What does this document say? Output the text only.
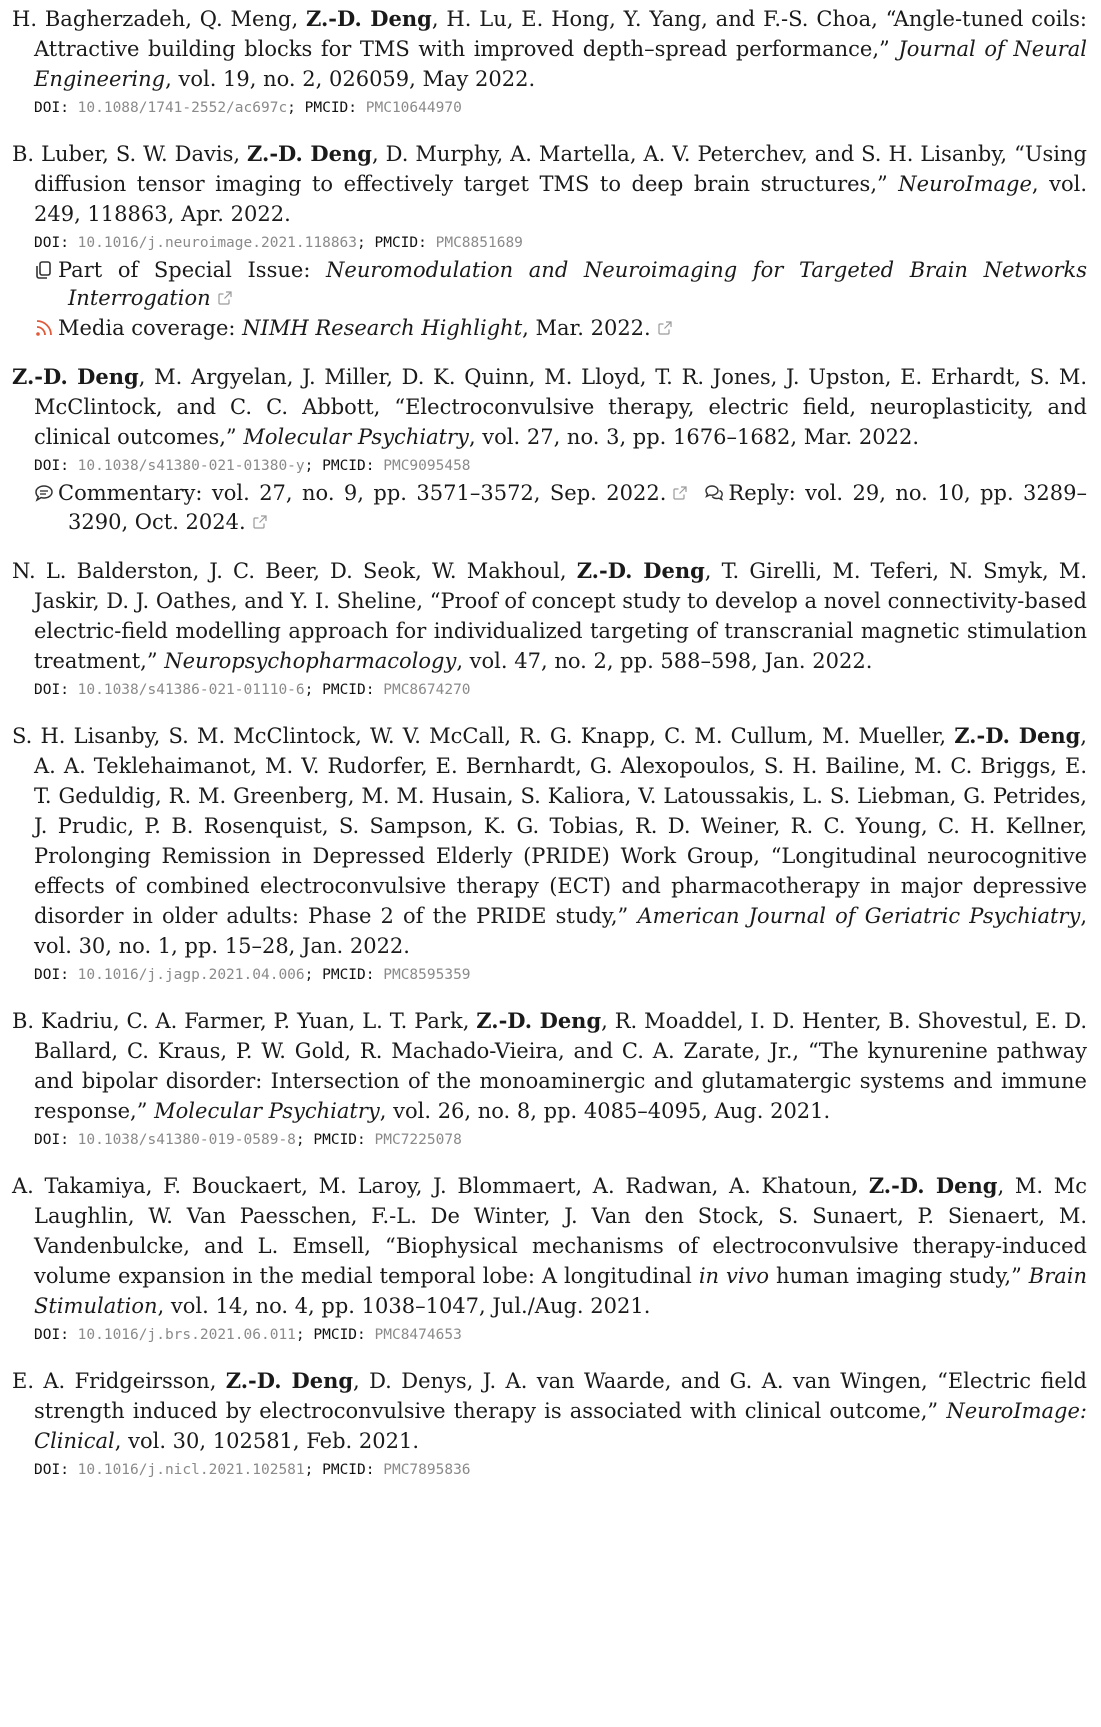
H. Bagherzadeh, Q. Meng, Z.-D. Deng, H. Lu, E. Hong, Y. Yang, and F.-S. Choa, “Angle-tuned coils: Attractive building blocks for TMS with improved depth–spread performance,” Journal of Neural Engineering, vol. 19, no. 2, 026059, May 2022.
DOI: 10.1088/1741-2552/ac697c; PMCID: PMC10644970
B. Luber, S. W. Davis, Z.-D. Deng, D. Murphy, A. Martella, A. V. Peterchev, and S. H. Lisanby, “Using diffusion tensor imaging to effectively target TMS to deep brain structures,” NeuroImage, vol. 249, 118863, Apr. 2022.
DOI: 10.1016/j.neuroimage.2021.118863; PMCID: PMC8851689
Part of Special Issue: Neuromodulation and Neuroimaging for Targeted Brain Networks Interrogation
Media coverage: NIMH Research Highlight, Mar. 2022.
Z.-D. Deng, M. Argyelan, J. Miller, D. K. Quinn, M. Lloyd, T. R. Jones, J. Upston, E. Erhardt, S. M. McClintock, and C. C. Abbott, “Electroconvulsive therapy, electric field, neuroplasticity, and clinical outcomes,” Molecular Psychiatry, vol. 27, no. 3, pp. 1676–1682, Mar. 2022.
DOI: 10.1038/s41380-021-01380-y; PMCID: PMC9095458
Commentary: vol. 27, no. 9, pp. 3571–3572, Sep. 2022.	Reply: vol. 29, no. 10, pp. 3289–3290, Oct. 2024.
N. L. Balderston, J. C. Beer, D. Seok, W. Makhoul, Z.-D. Deng, T. Girelli, M. Teferi, N. Smyk, M. Jaskir, D. J. Oathes, and Y. I. Sheline, “Proof of concept study to develop a novel connectivity-based electric-field modelling approach for individualized targeting of transcranial magnetic stimulation treatment,” Neuropsychopharmacology, vol. 47, no. 2, pp. 588–598, Jan. 2022.
DOI: 10.1038/s41386-021-01110-6; PMCID: PMC8674270
S. H. Lisanby, S. M. McClintock, W. V. McCall, R. G. Knapp, C. M. Cullum, M. Mueller, Z.-D. Deng, A. A. Teklehaimanot, M. V. Rudorfer, E. Bernhardt, G. Alexopoulos, S. H. Bailine, M. C. Briggs, E. T. Geduldig, R. M. Greenberg, M. M. Husain, S. Kaliora, V. Latoussakis, L. S. Liebman, G. Petrides, J. Prudic, P. B. Rosenquist, S. Sampson, K. G. Tobias, R. D. Weiner, R. C. Young, C. H. Kellner, Prolonging Remission in Depressed Elderly (PRIDE) Work Group, “Longitudinal neurocognitive effects of combined electroconvulsive therapy (ECT) and pharmacotherapy in major depressive disorder in older adults: Phase 2 of the PRIDE study,” American Journal of Geriatric Psychiatry, vol. 30, no. 1, pp. 15–28, Jan. 2022.
DOI: 10.1016/j.jagp.2021.04.006; PMCID: PMC8595359
B. Kadriu, C. A. Farmer, P. Yuan, L. T. Park, Z.-D. Deng, R. Moaddel, I. D. Henter, B. Shovestul, E. D. Ballard, C. Kraus, P. W. Gold, R. Machado-Vieira, and C. A. Zarate, Jr., “The kynurenine pathway and bipolar disorder: Intersection of the monoaminergic and glutamatergic systems and immune response,” Molecular Psychiatry, vol. 26, no. 8, pp. 4085–4095, Aug. 2021.
DOI: 10.1038/s41380-019-0589-8; PMCID: PMC7225078
A. Takamiya, F. Bouckaert, M. Laroy, J. Blommaert, A. Radwan, A. Khatoun, Z.-D. Deng, M. Mc Laughlin, W. Van Paesschen, F.-L. De Winter, J. Van den Stock, S. Sunaert, P. Sienaert, M. Vandenbulcke, and L. Emsell, “Biophysical mechanisms of electroconvulsive therapy-induced volume expansion in the medial temporal lobe: A longitudinal in vivo human imaging study,” Brain Stimulation, vol. 14, no. 4, pp. 1038–1047, Jul./Aug. 2021.
DOI: 10.1016/j.brs.2021.06.011; PMCID: PMC8474653
E. A. Fridgeirsson, Z.-D. Deng, D. Denys, J. A. van Waarde, and G. A. van Wingen, “Electric field strength induced by electroconvulsive therapy is associated with clinical outcome,” NeuroImage: Clinical, vol. 30, 102581, Feb. 2021.
DOI: 10.1016/j.nicl.2021.102581; PMCID: PMC7895836
